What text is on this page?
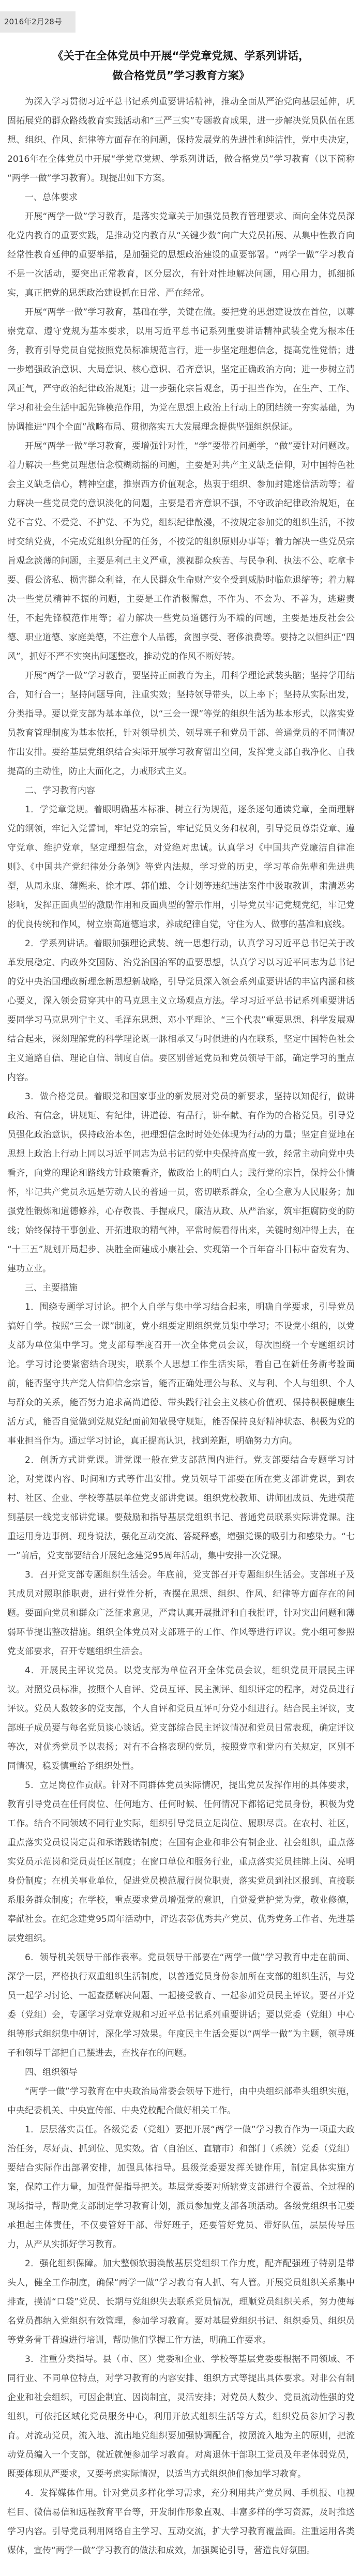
2016年2月28号
《关于在全体党员中开展“学党章党规、学系列讲话，
做合格党员”学习教育方案》

为深入学习贯彻习近平总书记系列重要讲话精神，推动全面从严治党向基层延伸，巩固拓展党的群众路线教育实践活动和“三严三实”专题教育成果，进一步解决党员队伍在思想、组织、作风、纪律等方面存在的问题，保持发展党的先进性和纯洁性，党中央决定，2016年在全体党员中开展“学党章党规、学系列讲话，做合格党员”学习教育（以下简称“两学一做”学习教育）。现提出如下方案。

一、总体要求

开展“两学一做”学习教育，是落实党章关于加强党员教育管理要求、面向全体党员深化党内教育的重要实践，是推动党内教育从“关键少数”向广大党员拓展、从集中性教育向经常性教育延伸的重要举措，是加强党的思想政治建设的重要部署。“两学一做”学习教育不是一次活动，要突出正常教育，区分层次，有针对性地解决问题，用心用力，抓细抓实，真正把党的思想政治建设抓在日常、严在经常。

开展“两学一做”学习教育，基础在学，关键在做。要把党的思想建设放在首位，以尊崇党章、遵守党规为基本要求，以用习近平总书记系列重要讲话精神武装全党为根本任务，教育引导党员自觉按照党员标准规范言行，进一步坚定理想信念，提高党性觉悟；进一步增强政治意识、大局意识、核心意识、看齐意识，坚定正确政治方向；进一步树立清风正气，严守政治纪律政治规矩；进一步强化宗旨观念，勇于担当作为，在生产、工作、学习和社会生活中起先锋模范作用，为党在思想上政治上行动上的团结统一夯实基础，为协调推进“四个全面”战略布局、贯彻落实五大发展理念提供坚强组织保证。

开展“两学一做”学习教育，要增强针对性，“学”要带着问题学，“做”要针对问题改。着力解决一些党员理想信念模糊动摇的问题，主要是对共产主义缺乏信仰，对中国特色社会主义缺乏信心，精神空虚，推崇西方价值观念，热衷于组织、参加封建迷信活动等；着力解决一些党员党的意识淡化的问题，主要是看齐意识不强，不守政治纪律政治规矩，在党不言党、不爱党、不护党、不为党，组织纪律散漫，不按规定参加党的组织生活，不按时交纳党费，不完成党组织分配的任务，不按党的组织原则办事等；着力解决一些党员宗旨观念淡薄的问题，主要是利己主义严重，漠视群众疾苦、与民争利、执法不公、吃拿卡要、假公济私、损害群众利益，在人民群众生命财产安全受到威胁时临危退缩等；着力解决一些党员精神不振的问题，主要是工作消极懈怠，不作为、不会为、不善为，逃避责任，不起先锋模范作用等；着力解决一些党员道德行为不端的问题，主要是违反社会公德、职业道德、家庭美德，不注意个人品德，贪图享受、奢侈浪费等。要持之以恒纠正“四风”，抓好不严不实突出问题整改，推动党的作风不断好转。

开展“两学一做”学习教育，要坚持正面教育为主，用科学理论武装头脑；坚持学用结合，知行合一；坚持问题导向，注重实效；坚持领导带头，以上率下；坚持从实际出发，分类指导。要以党支部为基本单位，以“三会一课”等党的组织生活为基本形式，以落实党员教育管理制度为基本依托，针对领导机关、领导班子和党员干部、普通党员的不同情况作出安排。要给基层党组织结合实际开展学习教育留出空间，发挥党支部自我净化、自我提高的主动性，防止大而化之，力戒形式主义。

二、学习教育内容

1．学党章党规。着眼明确基本标准、树立行为规范，逐条逐句通读党章，全面理解党的纲领，牢记入党誓词，牢记党的宗旨，牢记党员义务和权利，引导党员尊崇党章、遵守党章、维护党章，坚定理想信念，对党绝对忠诚。认真学习《中国共产党廉洁自律准则》、《中国共产党纪律处分条例》等党内法规，学习党的历史，学习革命先辈和先进典型，从周永康、薄熙来、徐才厚、郭伯雄、令计划等违纪违法案件中汲取教训，肃清恶劣影响，发挥正面典型的激励作用和反面典型的警示作用，引导党员牢记党规党纪，牢记党的优良传统和作风，树立崇高道德追求，养成纪律自觉，守住为人、做事的基准和底线。

2．学系列讲话。着眼加强理论武装、统一思想行动，认真学习习近平总书记关于改革发展稳定、内政外交国防、治党治国治军的重要思想，认真学习以习近平同志为总书记的党中央治国理政新理念新思想新战略，引导党员深入领会系列重要讲话的丰富内涵和核心要义，深入领会贯穿其中的马克思主义立场观点方法。学习习近平总书记系列重要讲话要同学习马克思列宁主义、毛泽东思想、邓小平理论、“三个代表”重要思想、科学发展观结合起来，深刻理解党的科学理论既一脉相承又与时俱进的内在联系，坚定中国特色社会主义道路自信、理论自信、制度自信。要区别普通党员和党员领导干部，确定学习的重点内容。

3．做合格党员。着眼党和国家事业的新发展对党员的新要求，坚持以知促行，做讲政治、有信念，讲规矩、有纪律，讲道德、有品行，讲奉献、有作为的合格党员。引导党员强化政治意识，保持政治本色，把理想信念时时处处体现为行动的力量；坚定自觉地在思想上政治上行动上同以习近平同志为总书记的党中央保持高度一致，经常主动向党中央看齐，向党的理论和路线方针政策看齐，做政治上的明白人；践行党的宗旨，保持公仆情怀，牢记共产党员永远是劳动人民的普通一员，密切联系群众，全心全意为人民服务；加强党性锻炼和道德修养，心存敬畏、手握戒尺，廉洁从政、从严治家，筑牢拒腐防变的防线；始终保持干事创业、开拓进取的精气神，平常时候看得出来，关键时刻冲得上去，在“十三五”规划开局起步、决胜全面建成小康社会、实现第一个百年奋斗目标中奋发有为、建功立业。

三、主要措施

1．围绕专题学习讨论。把个人自学与集中学习结合起来，明确自学要求，引导党员搞好自学。按照“三会一课”制度，党小组要定期组织党员集中学习；不设党小组的，以党支部为单位集中学习。党支部每季度召开一次全体党员会议，每次围绕一个专题组织讨论。学习讨论要紧密结合现实，联系个人思想工作生活实际，看自己在新任务新考验面前，能否坚守共产党人信仰信念宗旨，能否正确处理公与私、义与利、个人与组织、个人与群众的关系，能否努力追求高尚道德、带头践行社会主义核心价值观、保持积极健康生活方式，能否自觉做到党规党纪面前知敬畏守规矩，能否保持良好精神状态、积极为党的事业担当作为。通过学习讨论，真正提高认识，找到差距，明确努力方向。

2．创新方式讲党课。讲党课一般在党支部范围内进行。党支部要结合专题学习讨论，对党课内容、时间和方式等作出安排。党员领导干部要在所在党支部讲党课，到农村、社区、企业、学校等基层单位党支部讲党课。组织党校教师、讲师团成员、先进模范到基层一线党支部讲党课。要鼓励和指导基层党组织书记、普通党员联系实际讲党课。注重运用身边事例、现身说法，强化互动交流、答疑释惑，增强党课的吸引力和感染力。“七一”前后，党支部要结合开展纪念建党95周年活动，集中安排一次党课。

3．召开党支部专题组织生活会。年底前，党支部召开专题组织生活会。支部班子及其成员对照职能职责，进行党性分析，查摆在思想、组织、作风、纪律等方面存在的问题。要面向党员和群众广泛征求意见，严肃认真开展批评和自我批评，针对突出问题和薄弱环节提出整改措施。组织全体党员对支部班子的工作、作风等进行评议。党小组可参照党支部要求，召开专题组织生活会。

4．开展民主评议党员。以党支部为单位召开全体党员会议，组织党员开展民主评议。对照党员标准，按照个人自评、党员互评、民主测评、组织评定的程序，对党员进行评议。党员人数较多的党支部，个人自评和党员互评可分党小组进行。结合民主评议，支部班子成员要与每名党员谈心谈话。党支部综合民主评议情况和党员日常表现，确定评议等次，对优秀党员予以表扬；对有不合格表现的党员，按照党章和党内有关规定，区别不同情况，稳妥慎重给予组织处置。

5．立足岗位作贡献。针对不同群体党员实际情况，提出党员发挥作用的具体要求，教育引导党员在任何岗位、任何地方、任何时候、任何情况下都铭记党员身份，积极为党工作。结合不同领域不同行业实际，组织引导党员立足岗位、履职尽责。在农村、社区，重点落实党员设岗定责和承诺践诺制度；在国有企业和非公有制企业、社会组织，重点落实党员示范岗和党员责任区制度；在窗口单位和服务行业，重点落实党员挂牌上岗、亮明身份制度；在机关事业单位，促进党员模范履行岗位职责，落实党员到社区报到、直接联系服务群众制度；在学校，重点要求党员增强党的意识，自觉爱党护党为党，敬业修德，奉献社会。在纪念建党95周年活动中，评选表彰优秀共产党员、优秀党务工作者、先进基层党组织。

6．领导机关领导干部作表率。党员领导干部要在“两学一做”学习教育中走在前面、深学一层，严格执行双重组织生活制度，以普通党员身份参加所在支部的组织生活，与党员一起学习讨论、一起查摆解决问题、一起接受教育、一起参加党员民主评议。要召开党委（党组）会，专题学习党章党规和习近平总书记系列重要讲话；要以党委（党组）中心组等形式组织集中研讨，深化学习效果。年度民主生活会要以“两学一做”为主题，领导班子和领导干部把自己摆进去，查找存在的问题。

四、组织领导

“两学一做”学习教育在中央政治局常委会领导下进行，由中央组织部牵头组织实施，中央纪委机关、中央宣传部、中央党校配合做好相关工作。

1．层层落实责任。各级党委（党组）要把开展“两学一做”学习教育作为一项重大政治任务，尽好责、抓到位、见实效。省（自治区、直辖市）和部门（系统）党委（党组）要结合实际作出部署安排，加强具体指导。县级党委要发挥关键作用，制定具体实施方案，保障工作力量，加强督促指导把关。基层党委要对所辖党支部进行全覆盖、全过程的现场指导，帮助党支部制定学习教育计划，派员参加党支部各项活动。各级党组织书记要承担起主体责任，不仅要管好干部、带好班子，还要管好党员、带好队伍，层层传导压力，从严从实抓好学习教育。

2．强化组织保障。加大整顿软弱涣散基层党组织工作力度，配齐配强班子特别是带头人，健全工作制度，确保“两学一做”学习教育有人抓、有人管。开展党员组织关系集中排查，摸清“口袋”党员、长期与党组织失去联系党员情况，理顺党员组织关系，努力使每名党员都纳入党组织有效管理，参加学习教育。要对基层党组织书记、组织委员、组织员等党务骨干普遍进行培训，帮助他们掌握工作方法，明确工作要求。

3．注重分类指导。县（市、区）党委和企业、学校等基层党委要根据不同领域、不同行业、不同单位特点，对学习教育的内容安排、组织方式等提出具体要求。对非公有制企业和社会组织，可因企制宜、因岗制宜，灵活安排；对党员人数少、党员流动性强的党组织，可依托区域化党员服务中心，利用开放式组织生活等方式，组织党员参加学习教育。对流动党员，流入地、流出地党组织要加强协调配合，按照流入地为主的原则，把流动党员编入一个支部，就近就便参加学习教育。对离退休干部职工党员及年老体弱党员，既要体现从严要求，又要考虑实际情况，以适当方式组织他们参加学习教育。

4．发挥媒体作用。针对党员多样化学习需求，充分利用共产党员网、手机报、电视栏目、微信易信和远程教育平台等，开发制作形象直观、丰富多样的学习资源，及时推送学习内容。引导党员利用网络自主学习、互动交流，扩大学习教育覆盖面。注重运用各类媒体，宣传“两学一做”学习教育的做法和成效，加强舆论引导，营造良好氛围。
